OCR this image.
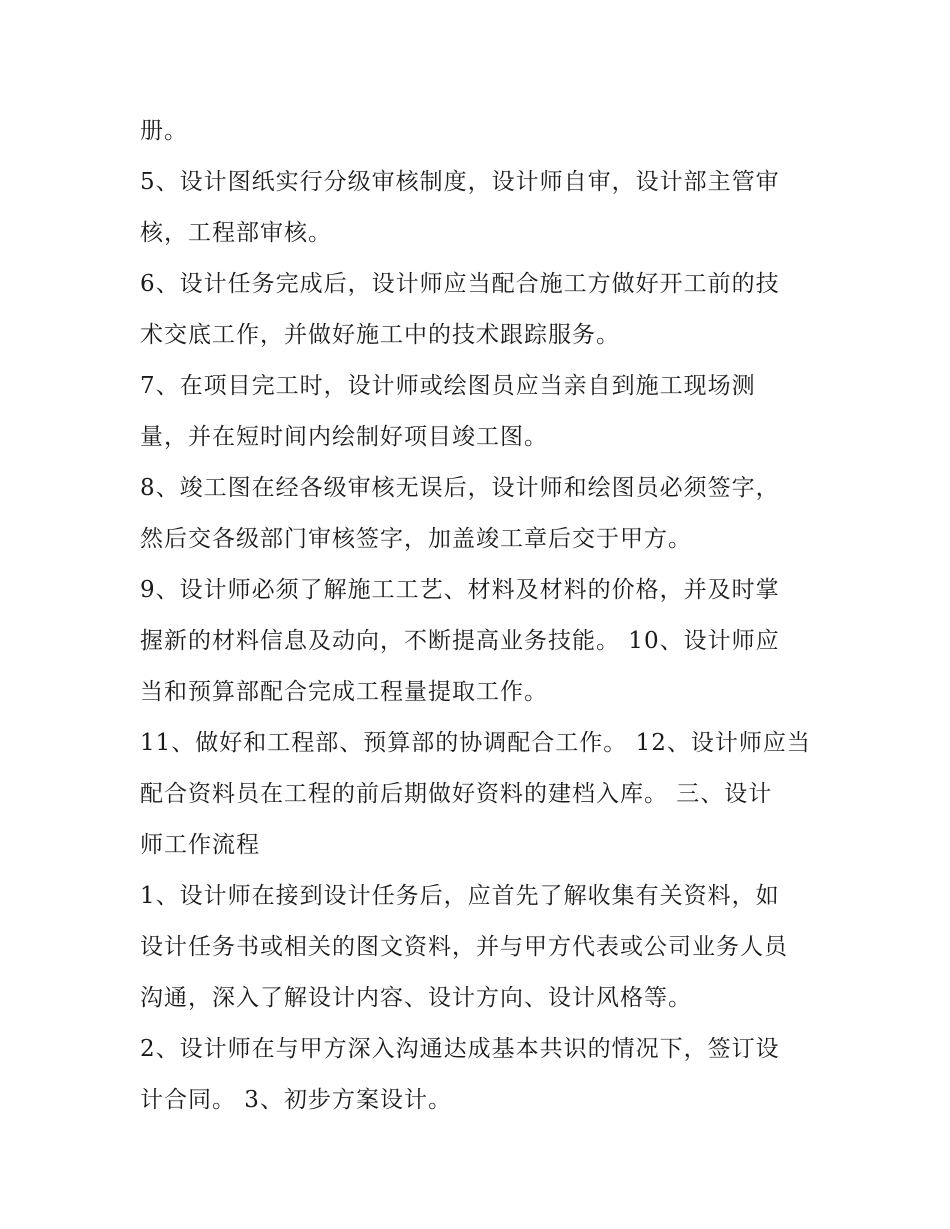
册。
5、设计图纸实行分级审核制度，设计师自审，设计部主管审
核，工程部审核。
6、设计任务完成后，设计师应当配合施工方做好开工前的技
术交底工作，并做好施工中的技术跟踪服务。
7、在项目完工时，设计师或绘图员应当亲自到施工现场测
量，并在短时间内绘制好项目竣工图。
8、竣工图在经各级审核无误后，设计师和绘图员必须签字，
然后交各级部门审核签字，加盖竣工章后交于甲方。
9、设计师必须了解施工工艺、材料及材料的价格，并及时掌
握新的材料信息及动向，不断提高业务技能。 10、设计师应
当和预算部配合完成工程量提取工作。
11、做好和工程部、预算部的协调配合工作。 12、设计师应当
配合资料员在工程的前后期做好资料的建档入库。 三、设计
师工作流程
1、设计师在接到设计任务后，应首先了解收集有关资料，如
设计任务书或相关的图文资料，并与甲方代表或公司业务人员
沟通，深入了解设计内容、设计方向、设计风格等。
2、设计师在与甲方深入沟通达成基本共识的情况下，签订设
计合同。 3、初步方案设计。
